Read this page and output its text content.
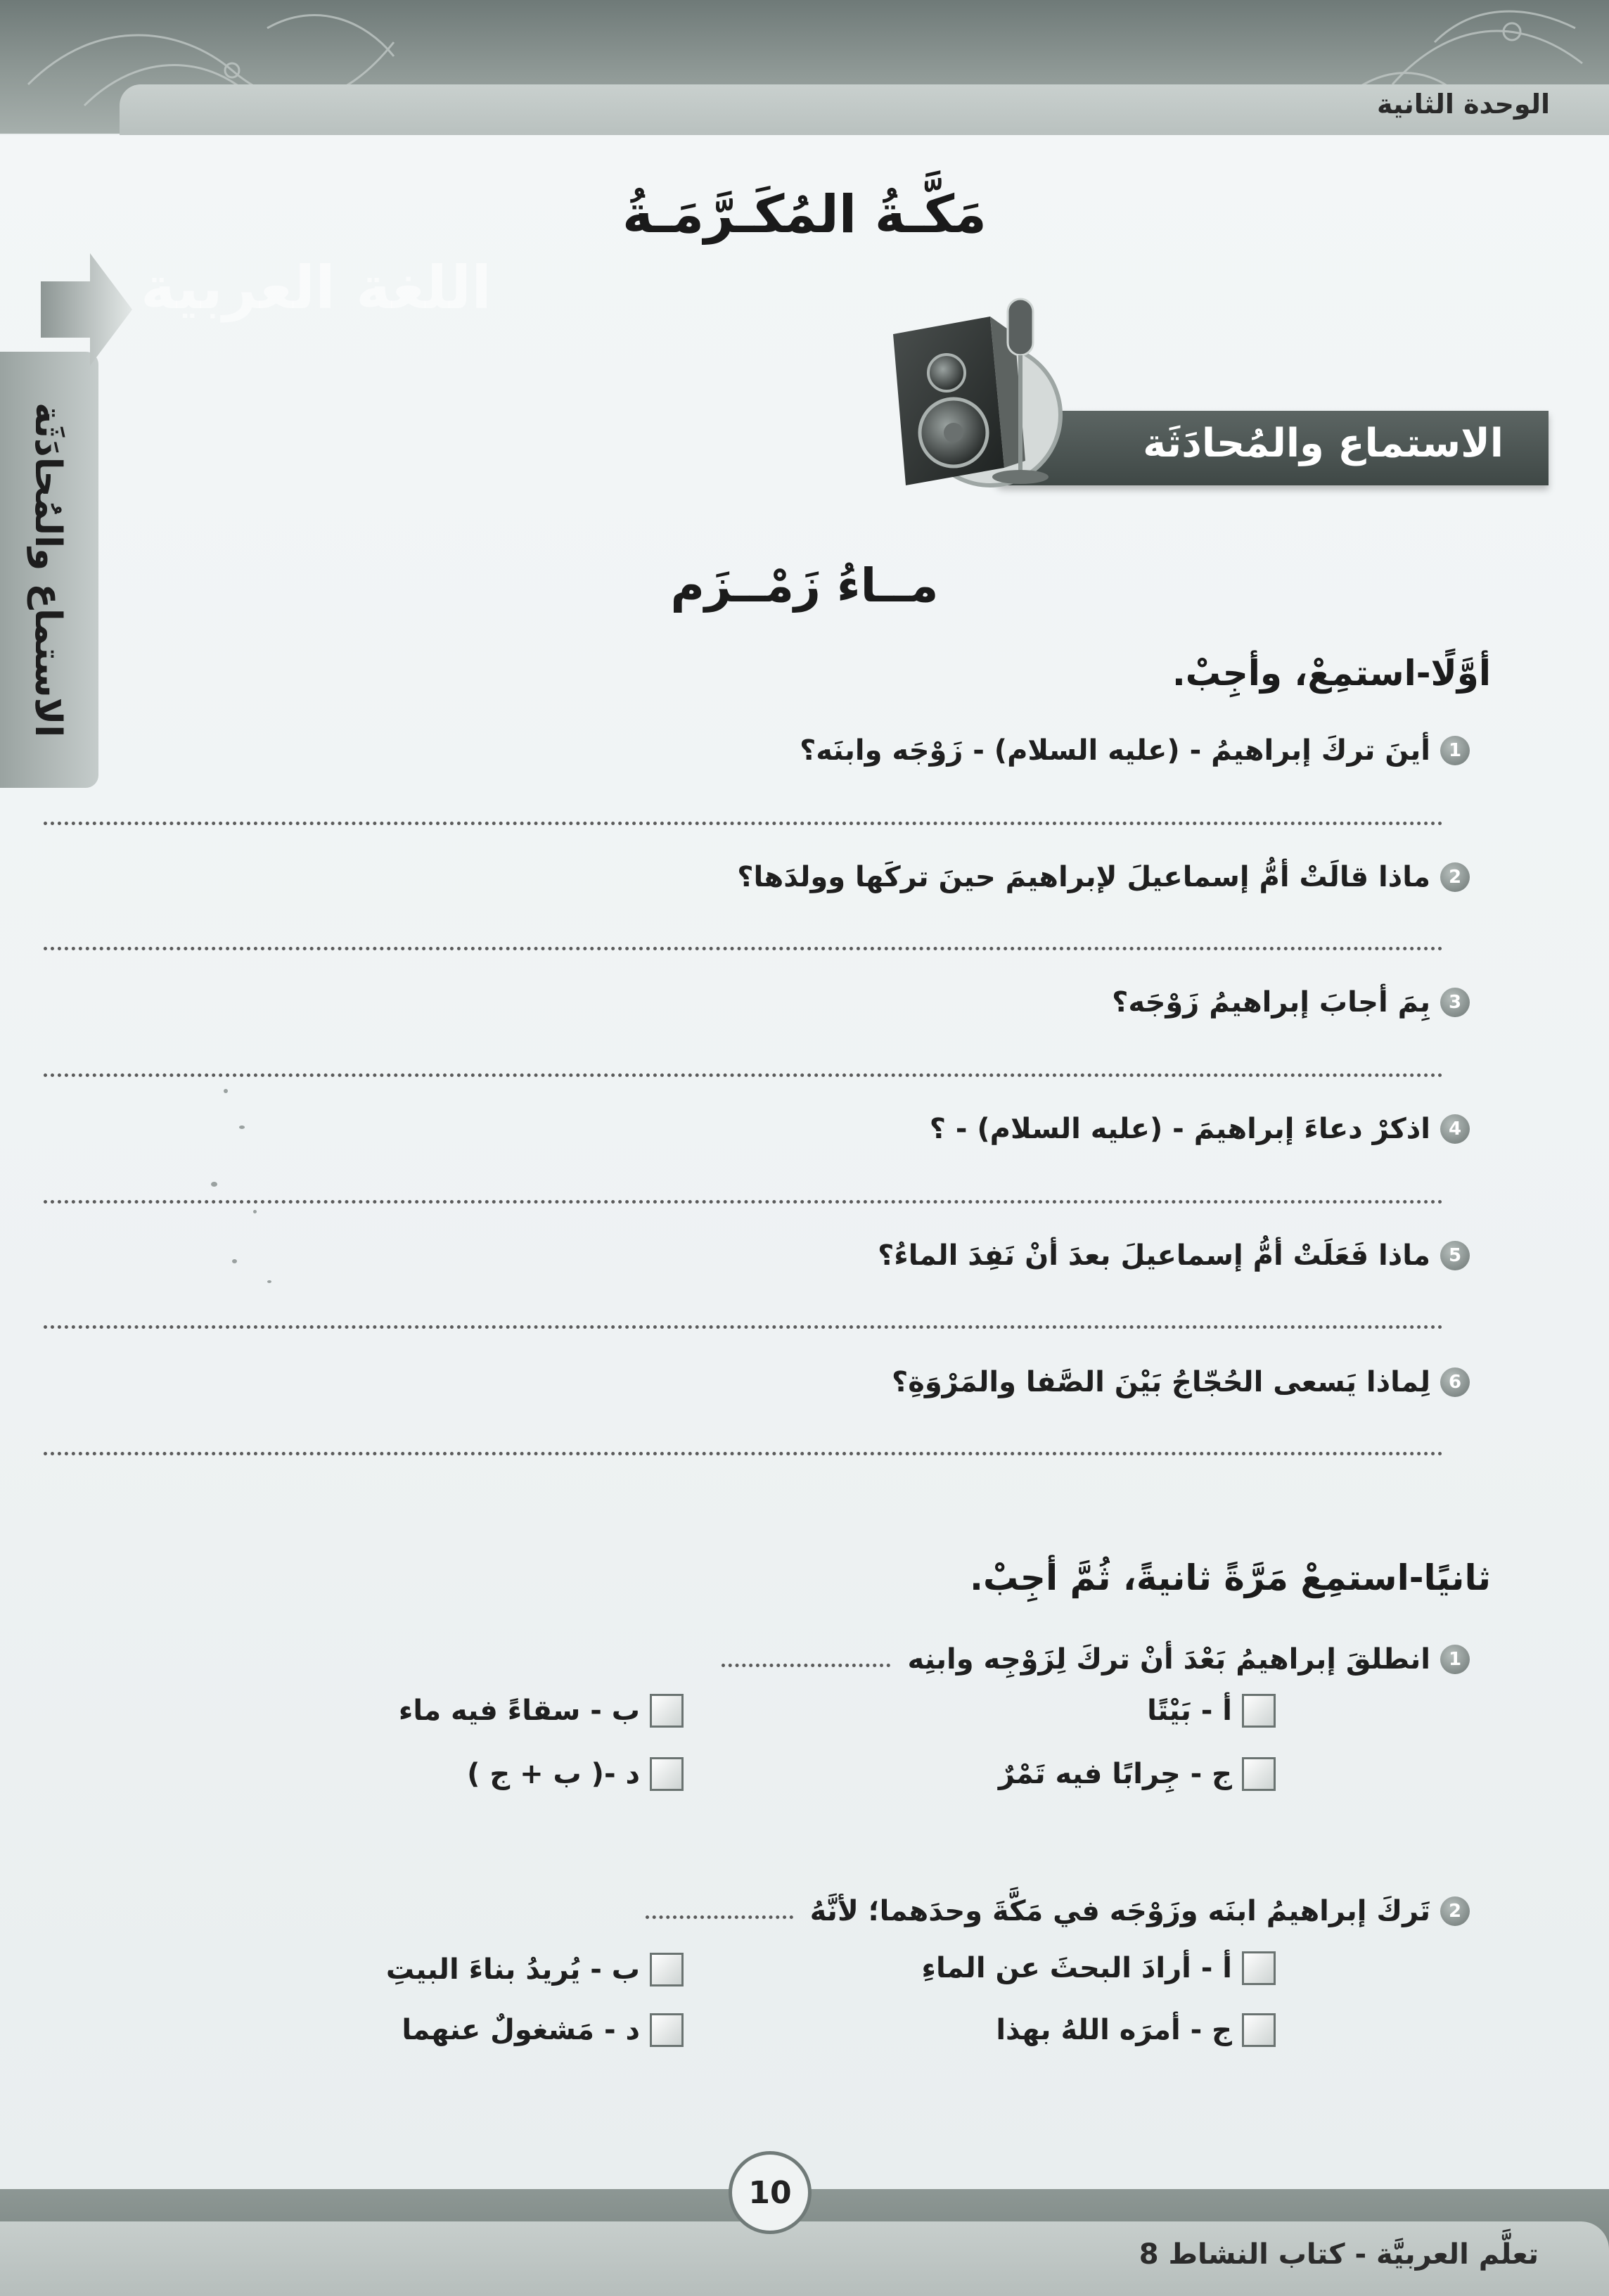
الوحدة الثانية
تعلَّم العربيَّة - كتاب النشاط 8
10
الاستماع والمُحادَثَة
اللغة العربية
مَكَّـةُ المُكَـرَّمَـةُ
الاستماع والمُحادَثَة
مــاءُ زَمْــزَم
أوَّلًا-استمِعْ، وأجِبْ.
1
أينَ تركَ إبراهيمُ - (عليه السلام) - زَوْجَه وابنَه؟
2
ماذا قالَتْ أمُّ إسماعيلَ لإبراهيمَ حينَ تركَها وولدَها؟
3
بِمَ أجابَ إبراهيمُ زَوْجَه؟
4
اذكرْ دعاءَ إبراهيمَ - (عليه السلام) - ؟
5
ماذا فَعَلَتْ أمُّ إسماعيلَ بعدَ أنْ نَفِدَ الماءُ؟
6
لِماذا يَسعى الحُجّاجُ بَيْنَ الصَّفا والمَرْوَةِ؟
ثانيًا-استمِعْ مَرَّةً ثانيةً، ثُمَّ أجِبْ.
1
انطلقَ إبراهيمُ بَعْدَ أنْ تركَ لِزَوْجِه وابنِه
أ - بَيْتًا
ب - سقاءً فيه ماء
ج - جِرابًا فيه تَمْرٌ
د -( ب + ج )
2
تَركَ إبراهيمُ ابنَه وزَوْجَه في مَكَّةَ وحدَهما؛ لأنَّهُ
أ - أرادَ البحثَ عن الماءِ
ب - يُريدُ بناءَ البيتِ
ج - أمرَه اللهُ بهذا
د - مَشغولٌ عنهما
